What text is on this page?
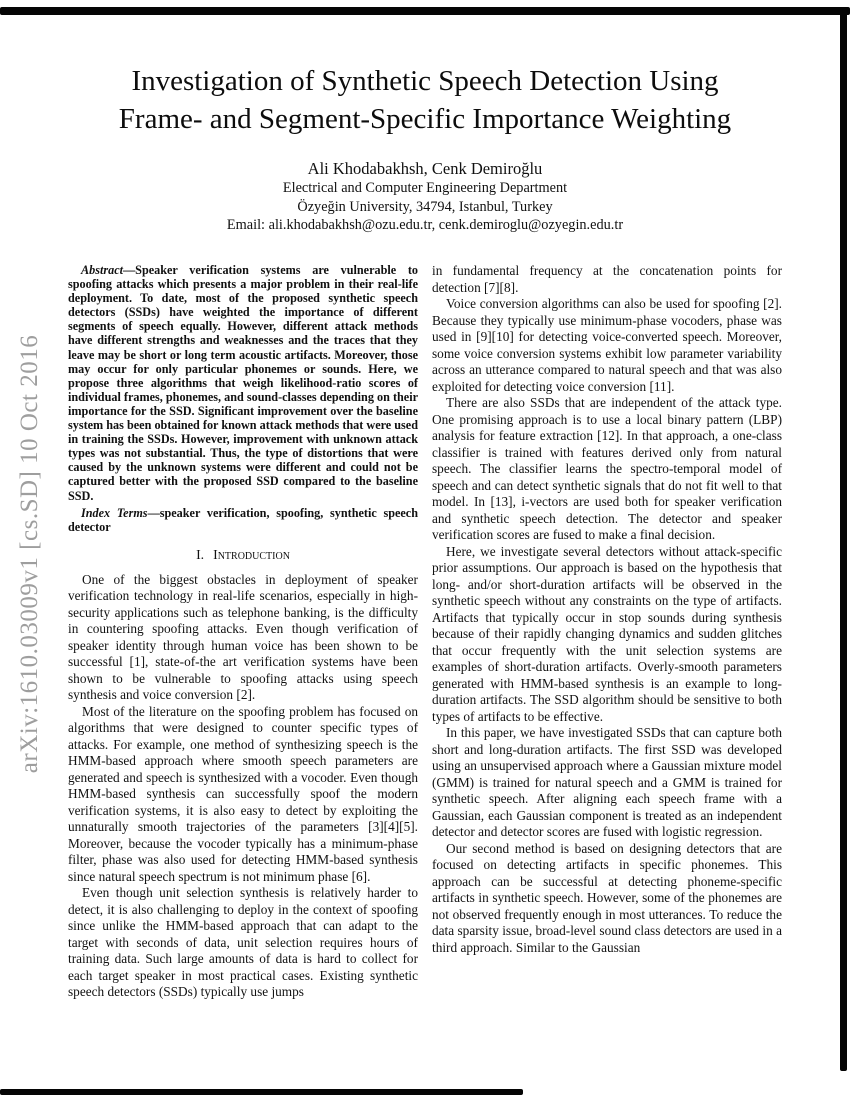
arXiv:1610.03009v1 [cs.SD] 10 Oct 2016
Investigation of Synthetic Speech Detection Using
Frame- and Segment-Specific Importance Weighting
Ali Khodabakhsh, Cenk Demiroğlu
Electrical and Computer Engineering Department
Özyeğin University, 34794, Istanbul, Turkey
Email: ali.khodabakhsh@ozu.edu.tr, cenk.demiroglu@ozyegin.edu.tr

Abstract—Speaker verification systems are vulnerable to spoofing attacks which presents a major problem in their real-life deployment. To date, most of the proposed synthetic speech detectors (SSDs) have weighted the importance of different segments of speech equally. However, different attack methods have different strengths and weaknesses and the traces that they leave may be short or long term acoustic artifacts. Moreover, those may occur for only particular phonemes or sounds. Here, we propose three algorithms that weigh likelihood-ratio scores of individual frames, phonemes, and sound-classes depending on their importance for the SSD. Significant improvement over the baseline system has been obtained for known attack methods that were used in training the SSDs. However, improvement with unknown attack types was not substantial. Thus, the type of distortions that were caused by the unknown systems were different and could not be captured better with the proposed SSD compared to the baseline SSD.

Index Terms—speaker verification, spoofing, synthetic speech detector

I. Introduction

One of the biggest obstacles in deployment of speaker verification technology in real-life scenarios, especially in high-security applications such as telephone banking, is the difficulty in countering spoofing attacks. Even though verification of speaker identity through human voice has been shown to be successful [1], state-of-the art verification systems have been shown to be vulnerable to spoofing attacks using speech synthesis and voice conversion [2].

Most of the literature on the spoofing problem has focused on algorithms that were designed to counter specific types of attacks. For example, one method of synthesizing speech is the HMM-based approach where smooth speech parameters are generated and speech is synthesized with a vocoder. Even though HMM-based synthesis can successfully spoof the modern verification systems, it is also easy to detect by exploiting the unnaturally smooth trajectories of the parameters [3][4][5]. Moreover, because the vocoder typically has a minimum-phase filter, phase was also used for detecting HMM-based synthesis since natural speech spectrum is not minimum phase [6].

Even though unit selection synthesis is relatively harder to detect, it is also challenging to deploy in the context of spoofing since unlike the HMM-based approach that can adapt to the target with seconds of data, unit selection requires hours of training data. Such large amounts of data is hard to collect for each target speaker in most practical cases. Existing synthetic speech detectors (SSDs) typically use jumps

in fundamental frequency at the concatenation points for detection [7][8].

Voice conversion algorithms can also be used for spoofing [2]. Because they typically use minimum-phase vocoders, phase was used in [9][10] for detecting voice-converted speech. Moreover, some voice conversion systems exhibit low parameter variability across an utterance compared to natural speech and that was also exploited for detecting voice conversion [11].

There are also SSDs that are independent of the attack type. One promising approach is to use a local binary pattern (LBP) analysis for feature extraction [12]. In that approach, a one-class classifier is trained with features derived only from natural speech. The classifier learns the spectro-temporal model of speech and can detect synthetic signals that do not fit well to that model. In [13], i-vectors are used both for speaker verification and synthetic speech detection. The detector and speaker verification scores are fused to make a final decision.

Here, we investigate several detectors without attack-specific prior assumptions. Our approach is based on the hypothesis that long- and/or short-duration artifacts will be observed in the synthetic speech without any constraints on the type of artifacts. Artifacts that typically occur in stop sounds during synthesis because of their rapidly changing dynamics and sudden glitches that occur frequently with the unit selection systems are examples of short-duration artifacts. Overly-smooth parameters generated with HMM-based synthesis is an example to long-duration artifacts. The SSD algorithm should be sensitive to both types of artifacts to be effective.

In this paper, we have investigated SSDs that can capture both short and long-duration artifacts. The first SSD was developed using an unsupervised approach where a Gaussian mixture model (GMM) is trained for natural speech and a GMM is trained for synthetic speech. After aligning each speech frame with a Gaussian, each Gaussian component is treated as an independent detector and detector scores are fused with logistic regression.

Our second method is based on designing detectors that are focused on detecting artifacts in specific phonemes. This approach can be successful at detecting phoneme-specific artifacts in synthetic speech. However, some of the phonemes are not observed frequently enough in most utterances. To reduce the data sparsity issue, broad-level sound class detectors are used in a third approach. Similar to the Gaussian
